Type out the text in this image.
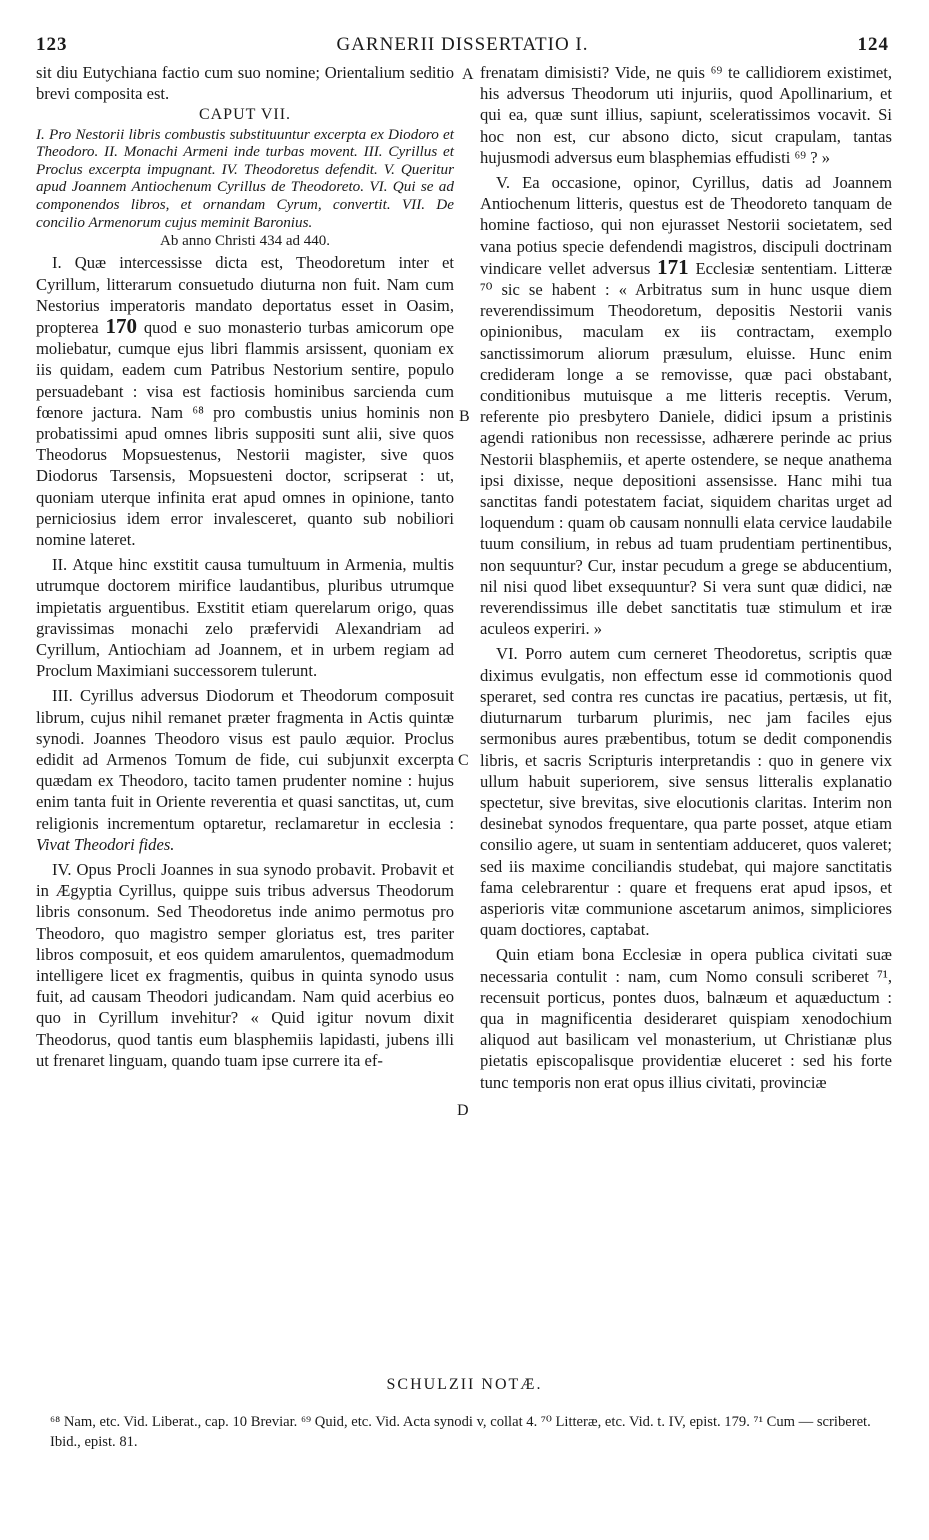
123	GARNERII DISSERTATIO I.	124
A
B
C
D

sit diu Eutychiana factio cum suo nomine; Orientalium seditio brevi composita est.

CAPUT VII.

I. Pro Nestorii libris combustis substituuntur excerpta ex Diodoro et Theodoro. II. Monachi Armeni inde turbas movent. III. Cyrillus et Proclus excerpta impugnant. IV. Theodoretus defendit. V. Queritur apud Joannem Antiochenum Cyrillus de Theodoreto. VI. Qui se ad componendos libros, et ornandam Cyrum, convertit. VII. De concilio Armenorum cujus meminit Baronius.

Ab anno Christi 434 ad 440.

I. Quæ intercessisse dicta est, Theodoretum inter et Cyrillum, litterarum consuetudo diuturna non fuit. Nam cum Nestorius imperatoris mandato deportatus esset in Oasim, propterea 170 quod e suo monasterio turbas amicorum ope moliebatur, cumque ejus libri flammis arsissent, quoniam ex iis quidam, eadem cum Patribus Nestorium sentire, populo persuadebant : visa est factiosis hominibus sarcienda cum fœnore jactura. Nam ⁶⁸ pro combustis unius hominis non probatissimi apud omnes libris suppositi sunt alii, sive quos Theodorus Mopsuestenus, Nestorii magister, sive quos Diodorus Tarsensis, Mopsuesteni doctor, scripserat : ut, quoniam uterque infinita erat apud omnes in opinione, tanto perniciosius idem error invalesceret, quanto sub nobiliori nomine lateret.

II. Atque hinc exstitit causa tumultuum in Armenia, multis utrumque doctorem mirifice laudantibus, pluribus utrumque impietatis arguentibus. Exstitit etiam querelarum origo, quas gravissimas monachi zelo præfervidi Alexandriam ad Cyrillum, Antiochiam ad Joannem, et in urbem regiam ad Proclum Maximiani successorem tulerunt.

III. Cyrillus adversus Diodorum et Theodorum composuit librum, cujus nihil remanet præter fragmenta in Actis quintæ synodi. Joannes Theodoro visus est paulo æquior. Proclus edidit ad Armenos Tomum de fide, cui subjunxit excerpta quædam ex Theodoro, tacito tamen prudenter nomine : hujus enim tanta fuit in Oriente reverentia et quasi sanctitas, ut, cum religionis incrementum optaretur, reclamaretur in ecclesia : Vivat Theodori fides.

IV. Opus Procli Joannes in sua synodo probavit. Probavit et in Ægyptia Cyrillus, quippe suis tribus adversus Theodorum libris consonum. Sed Theodoretus inde animo permotus pro Theodoro, quo magistro semper gloriatus est, tres pariter libros composuit, et eos quidem amarulentos, quemadmodum intelligere licet ex fragmentis, quibus in quinta synodo usus fuit, ad causam Theodori judicandam. Nam quid acerbius eo quo in Cyrillum invehitur? « Quid igitur novum dixit Theodorus, quod tantis eum blasphemiis lapidasti, jubens illi ut frenaret linguam, quando tuam ipse currere ita ef-

frenatam dimisisti? Vide, ne quis ⁶⁹ te callidiorem existimet, his adversus Theodorum uti injuriis, quod Apollinarium, et qui ea, quæ sunt illius, sapiunt, sceleratissimos vocavit. Si hoc non est, cur absono dicto, sicut crapulam, tantas hujusmodi adversus eum blasphemias effudisti ⁶⁹ ? »

V. Ea occasione, opinor, Cyrillus, datis ad Joannem Antiochenum litteris, questus est de Theodoreto tanquam de homine factioso, qui non ejurasset Nestorii societatem, sed vana potius specie defendendi magistros, discipuli doctrinam vindicare vellet adversus 171 Ecclesiæ sententiam. Litteræ ⁷⁰ sic se habent : « Arbitratus sum in hunc usque diem reverendissimum Theodoretum, depositis Nestorii vanis opinionibus, maculam ex iis contractam, exemplo sanctissimorum aliorum præsulum, eluisse. Hunc enim credideram longe a se removisse, quæ paci obstabant, conditionibus mutuisque a me litteris receptis. Verum, referente pio presbytero Daniele, didici ipsum a pristinis agendi rationibus non recessisse, adhærere perinde ac prius Nestorii blasphemiis, et aperte ostendere, se neque anathema ipsi dixisse, neque depositioni assensisse. Hanc mihi tua sanctitas fandi potestatem faciat, siquidem charitas urget ad loquendum : quam ob causam nonnulli elata cervice laudabile tuum consilium, in rebus ad tuam prudentiam pertinentibus, non sequuntur? Cur, instar pecudum a grege se abducentium, nil nisi quod libet exsequuntur? Si vera sunt quæ didici, næ reverendissimus ille debet sanctitatis tuæ stimulum et iræ aculeos experiri. »

VI. Porro autem cum cerneret Theodoretus, scriptis quæ diximus evulgatis, non effectum esse id commotionis quod speraret, sed contra res cunctas ire pacatius, pertæsis, ut fit, diuturnarum turbarum plurimis, nec jam faciles ejus sermonibus aures præbentibus, totum se dedit componendis libris, et sacris Scripturis interpretandis : quo in genere vix ullum habuit superiorem, sive sensus litteralis explanatio spectetur, sive brevitas, sive elocutionis claritas. Interim non desinebat synodos frequentare, qua parte posset, atque etiam consilio agere, ut suam in sententiam adduceret, quos valeret; sed iis maxime conciliandis studebat, qui majore sanctitatis fama celebrarentur : quare et frequens erat apud ipsos, et asperioris vitæ communione ascetarum animos, simpliciores quam doctiores, captabat.

Quin etiam bona Ecclesiæ in opera publica civitati suæ necessaria contulit : nam, cum Nomo consuli scriberet ⁷¹, recensuit porticus, pontes duos, balnæum et aquæductum : qua in magnificentia desideraret quispiam xenodochium aliquod aut basilicam vel monasterium, ut Christianæ plus pietatis episcopalisque providentiæ eluceret : sed his forte tunc temporis non erat opus illius civitati, provinciæ

SCHULZII NOTÆ.
⁶⁸ Nam, etc. Vid. Liberat., cap. 10 Breviar. ⁶⁹ Quid, etc. Vid. Acta synodi v, collat 4. ⁷⁰ Litteræ, etc. Vid. t. IV, epist. 179. ⁷¹ Cum — scriberet. Ibid., epist. 81.
